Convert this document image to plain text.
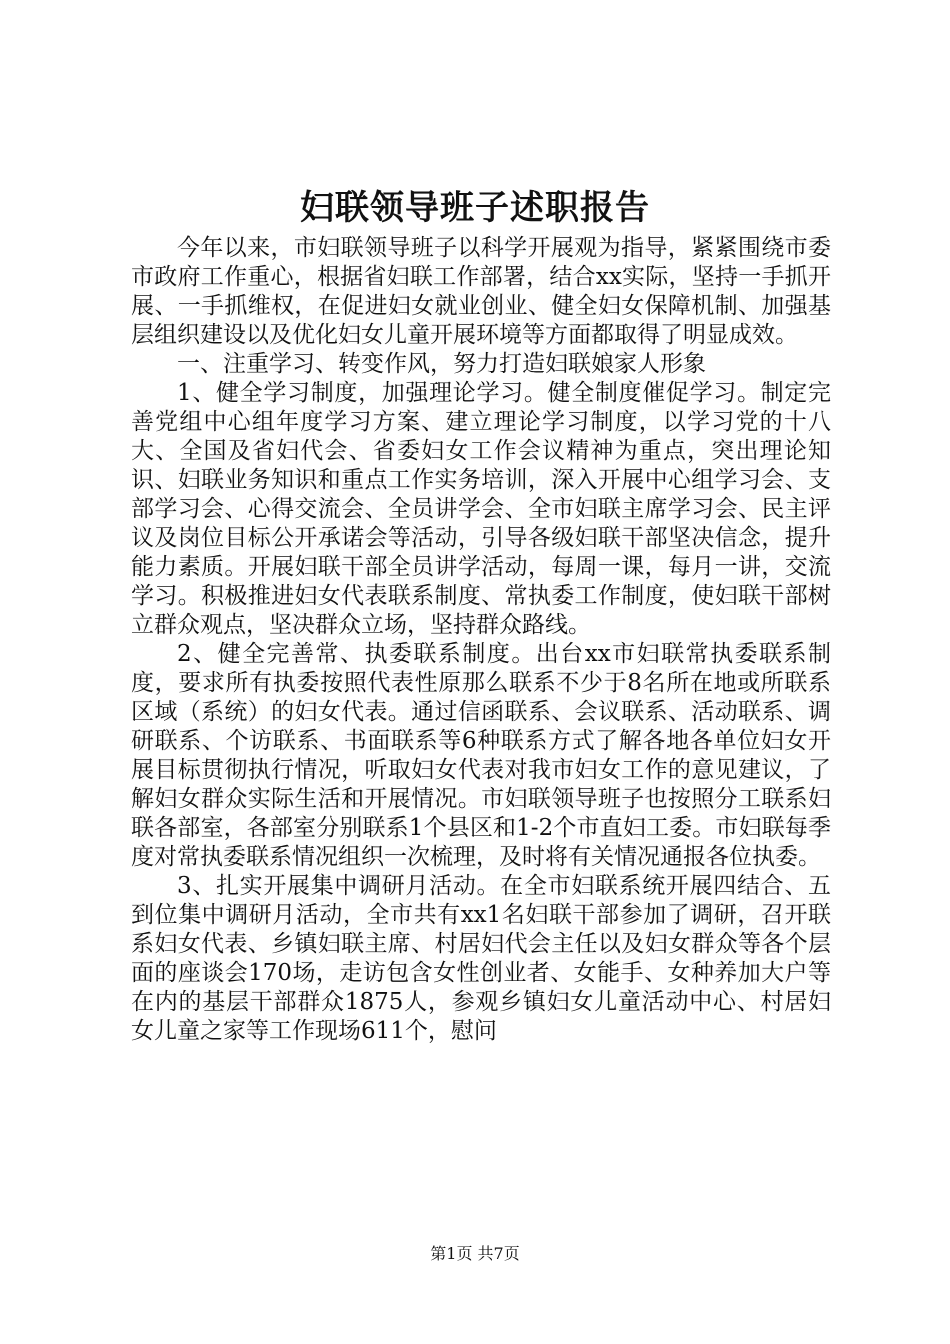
妇联领导班子述职报告

今年以来，市妇联领导班子以科学开展观为指导，紧紧围绕市委市政府工作重心，根据省妇联工作部署，结合xx实际，坚持一手抓开展、一手抓维权，在促进妇女就业创业、健全妇女保障机制、加强基层组织建设以及优化妇女儿童开展环境等方面都取得了明显成效。

一、注重学习、转变作风，努力打造妇联娘家人形象

1、健全学习制度，加强理论学习。健全制度催促学习。制定完善党组中心组年度学习方案、建立理论学习制度，以学习党的十八大、全国及省妇代会、省委妇女工作会议精神为重点，突出理论知识、妇联业务知识和重点工作实务培训，深入开展中心组学习会、支部学习会、心得交流会、全员讲学会、全市妇联主席学习会、民主评议及岗位目标公开承诺会等活动，引导各级妇联干部坚决信念，提升能力素质。开展妇联干部全员讲学活动，每周一课，每月一讲，交流学习。积极推进妇女代表联系制度、常执委工作制度，使妇联干部树立群众观点，坚决群众立场，坚持群众路线。

2、健全完善常、执委联系制度。出台xx市妇联常执委联系制度，要求所有执委按照代表性原那么联系不少于8名所在地或所联系区域（系统）的妇女代表。通过信函联系、会议联系、活动联系、调研联系、个访联系、书面联系等6种联系方式了解各地各单位妇女开展目标贯彻执行情况，听取妇女代表对我市妇女工作的意见建议，了解妇女群众实际生活和开展情况。市妇联领导班子也按照分工联系妇联各部室，各部室分别联系1个县区和1-2个市直妇工委。市妇联每季度对常执委联系情况组织一次梳理，及时将有关情况通报各位执委。

3、扎实开展集中调研月活动。在全市妇联系统开展四结合、五到位集中调研月活动，全市共有xx1名妇联干部参加了调研，召开联系妇女代表、乡镇妇联主席、村居妇代会主任以及妇女群众等各个层面的座谈会170场，走访包含女性创业者、女能手、女种养加大户等在内的基层干部群众1875人，参观乡镇妇女儿童活动中心、村居妇女儿童之家等工作现场611个，慰问

第1页 共7页
